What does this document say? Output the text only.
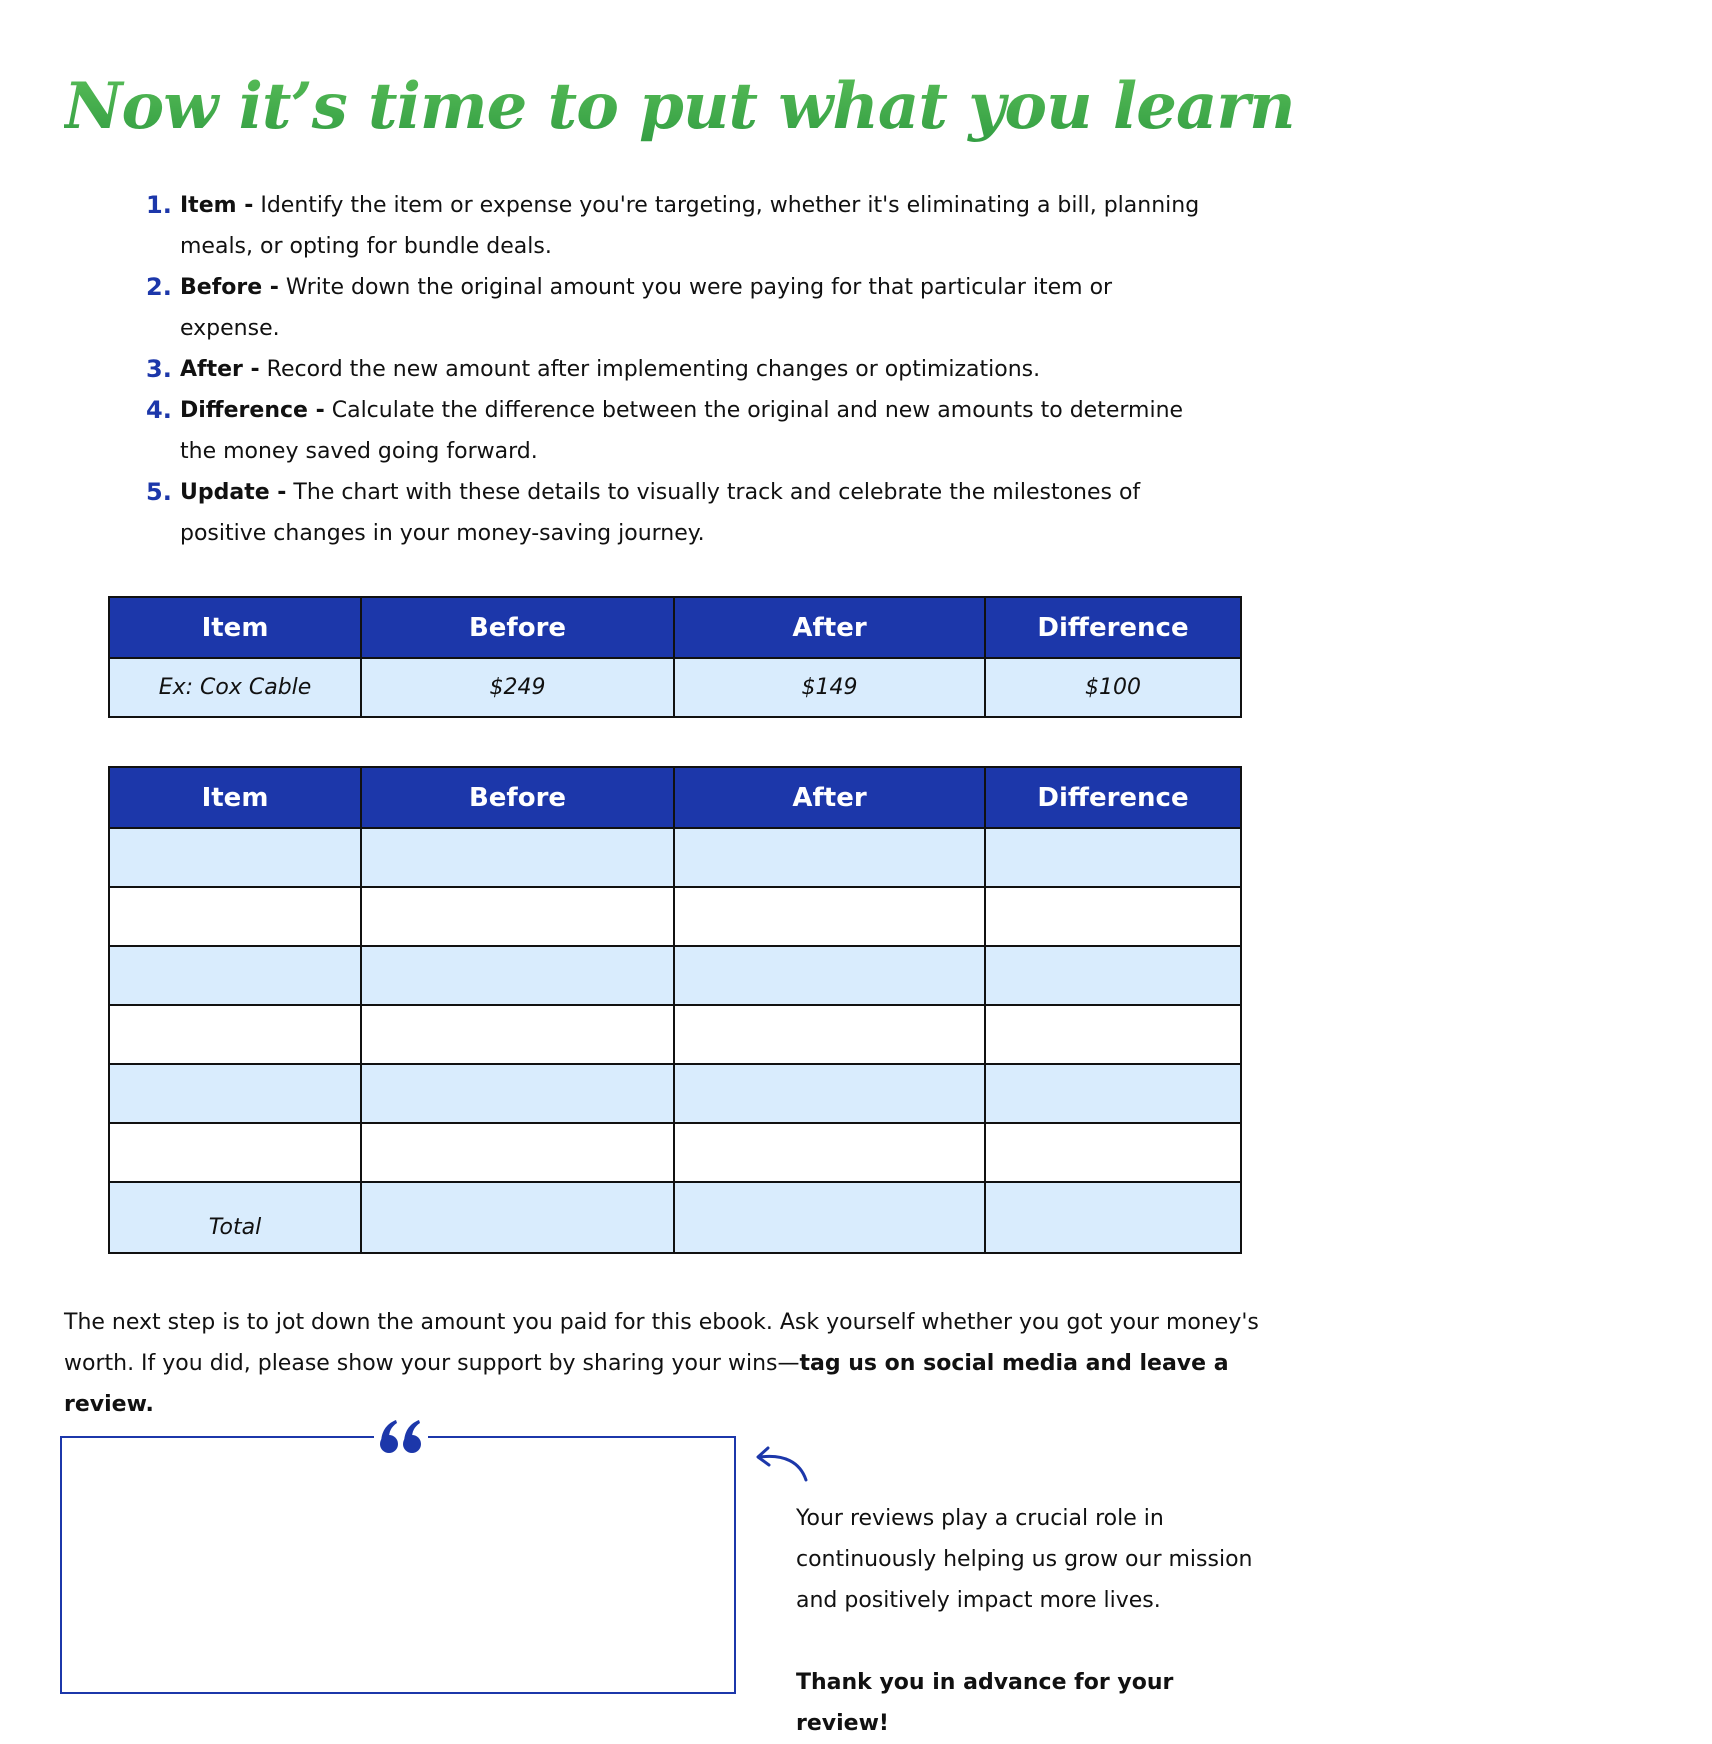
Now it’s time to put what you learned to a test!
1. Item - Identify the item or expense you're targeting, whether it's eliminating a bill, planning meals, or opting for bundle deals.
2. Before - Write down the original amount you were paying for that particular item or expense.
3. After - Record the new amount after implementing changes or optimizations.
4. Difference - Calculate the difference between the original and new amounts to determine the money saved going forward.
5. Update - The chart with these details to visually track and celebrate the milestones of positive changes in your money-saving journey.
Item	Before	After	Difference
Ex: Cox Cable	$249	$149	$100
Item	Before	After	Difference

Total			
The next step is to jot down the amount you paid for this ebook. Ask yourself whether you got your money's worth. If you did, please show your support by sharing your wins—tag us on social media and leave a review.
Your reviews play a crucial role in continuously helping us grow our mission and positively impact more lives.
Thank you in advance for your review!
